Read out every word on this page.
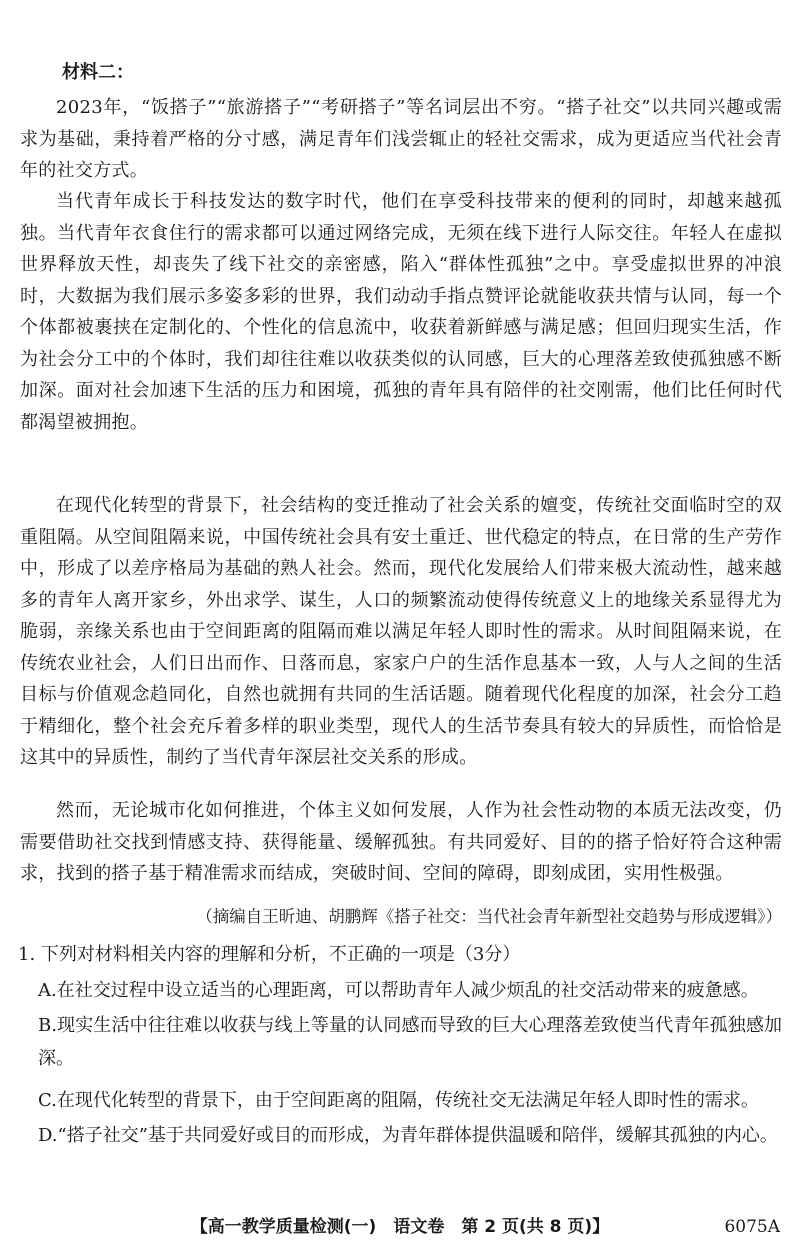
材料二：

2023年，“饭搭子”“旅游搭子”“考研搭子”等名词层出不穷。“搭子社交”以共同兴趣或需求为基础，秉持着严格的分寸感，满足青年们浅尝辄止的轻社交需求，成为更适应当代社会青年的社交方式。

当代青年成长于科技发达的数字时代，他们在享受科技带来的便利的同时，却越来越孤独。当代青年衣食住行的需求都可以通过网络完成，无须在线下进行人际交往。年轻人在虚拟世界释放天性，却丧失了线下社交的亲密感，陷入“群体性孤独”之中。享受虚拟世界的冲浪时，大数据为我们展示多姿多彩的世界，我们动动手指点赞评论就能收获共情与认同，每一个个体都被裹挟在定制化的、个性化的信息流中，收获着新鲜感与满足感；但回归现实生活，作为社会分工中的个体时，我们却往往难以收获类似的认同感，巨大的心理落差致使孤独感不断加深。面对社会加速下生活的压力和困境，孤独的青年具有陪伴的社交刚需，他们比任何时代都渴望被拥抱。

在现代化转型的背景下，社会结构的变迁推动了社会关系的嬗变，传统社交面临时空的双重阻隔。从空间阻隔来说，中国传统社会具有安土重迁、世代稳定的特点，在日常的生产劳作中，形成了以差序格局为基础的熟人社会。然而，现代化发展给人们带来极大流动性，越来越多的青年人离开家乡，外出求学、谋生，人口的频繁流动使得传统意义上的地缘关系显得尤为脆弱，亲缘关系也由于空间距离的阻隔而难以满足年轻人即时性的需求。从时间阻隔来说，在传统农业社会，人们日出而作、日落而息，家家户户的生活作息基本一致，人与人之间的生活目标与价值观念趋同化，自然也就拥有共同的生活话题。随着现代化程度的加深，社会分工趋于精细化，整个社会充斥着多样的职业类型，现代人的生活节奏具有较大的异质性，而恰恰是这其中的异质性，制约了当代青年深层社交关系的形成。

然而，无论城市化如何推进，个体主义如何发展，人作为社会性动物的本质无法改变，仍需要借助社交找到情感支持、获得能量、缓解孤独。有共同爱好、目的的搭子恰好符合这种需求，找到的搭子基于精准需求而结成，突破时间、空间的障碍，即刻成团，实用性极强。

（摘编自王昕迪、胡鹏辉《搭子社交：当代社会青年新型社交趋势与形成逻辑》）
1. 下列对材料相关内容的理解和分析，不正确的一项是（3分）

A.在社交过程中设立适当的心理距离，可以帮助青年人减少烦乱的社交活动带来的疲惫感。

B.现实生活中往往难以收获与线上等量的认同感而导致的巨大心理落差致使当代青年孤独感加深。

C.在现代化转型的背景下，由于空间距离的阻隔，传统社交无法满足年轻人即时性的需求。

D.“搭子社交”基于共同爱好或目的而形成，为青年群体提供温暖和陪伴，缓解其孤独的内心。

【高一教学质量检测(一)　语文卷　第 2 页(共 8 页)】	6075A
